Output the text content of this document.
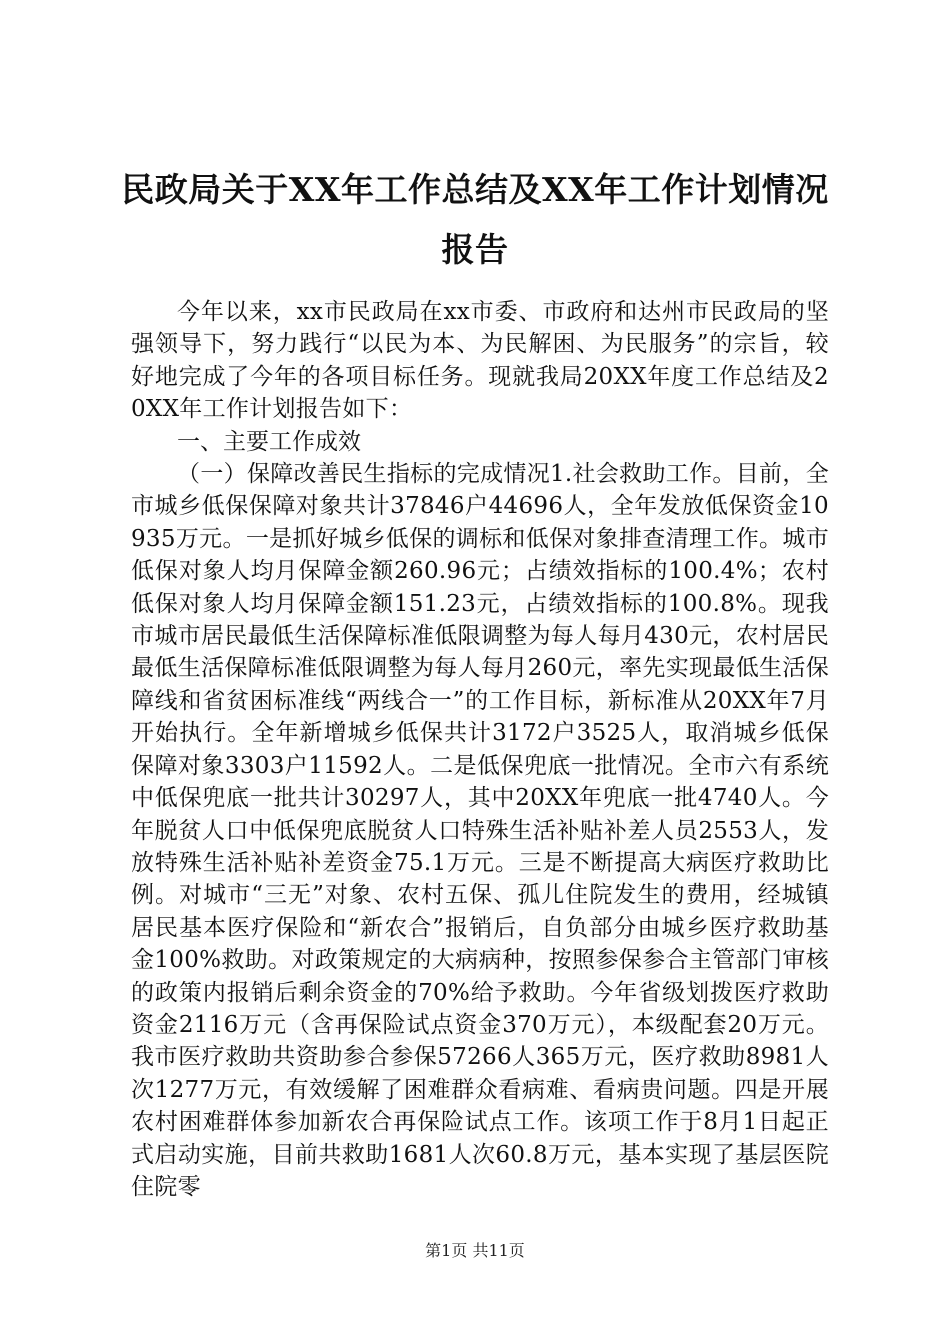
民政局关于XX年工作总结及XX年工作计划情况报告

今年以来，xx市民政局在xx市委、市政府和达州市民政局的坚强领导下，努力践行“以民为本、为民解困、为民服务”的宗旨，较好地完成了今年的各项目标任务。现就我局20XX年度工作总结及20XX年工作计划报告如下：

一、主要工作成效

（一）保障改善民生指标的完成情况1.社会救助工作。目前，全市城乡低保保障对象共计37846户44696人，全年发放低保资金10935万元。一是抓好城乡低保的调标和低保对象排查清理工作。城市低保对象人均月保障金额260.96元；占绩效指标的100.4%；农村低保对象人均月保障金额151.23元，占绩效指标的100.8%。现我市城市居民最低生活保障标准低限调整为每人每月430元，农村居民最低生活保障标准低限调整为每人每月260元，率先实现最低生活保障线和省贫困标准线“两线合一”的工作目标，新标准从20XX年7月开始执行。全年新增城乡低保共计3172户3525人，取消城乡低保保障对象3303户11592人。二是低保兜底一批情况。全市六有系统中低保兜底一批共计30297人，其中20XX年兜底一批4740人。今年脱贫人口中低保兜底脱贫人口特殊生活补贴补差人员2553人，发放特殊生活补贴补差资金75.1万元。三是不断提高大病医疗救助比例。对城市“三无”对象、农村五保、孤儿住院发生的费用，经城镇居民基本医疗保险和“新农合”报销后，自负部分由城乡医疗救助基金100%救助。对政策规定的大病病种，按照参保参合主管部门审核的政策内报销后剩余资金的70%给予救助。今年省级划拨医疗救助资金2116万元（含再保险试点资金370万元），本级配套20万元。我市医疗救助共资助参合参保57266人365万元，医疗救助8981人次1277万元，有效缓解了困难群众看病难、看病贵问题。四是开展农村困难群体参加新农合再保险试点工作。该项工作于8月1日起正式启动实施，目前共救助1681人次60.8万元，基本实现了基层医院住院零

第1页 共11页
